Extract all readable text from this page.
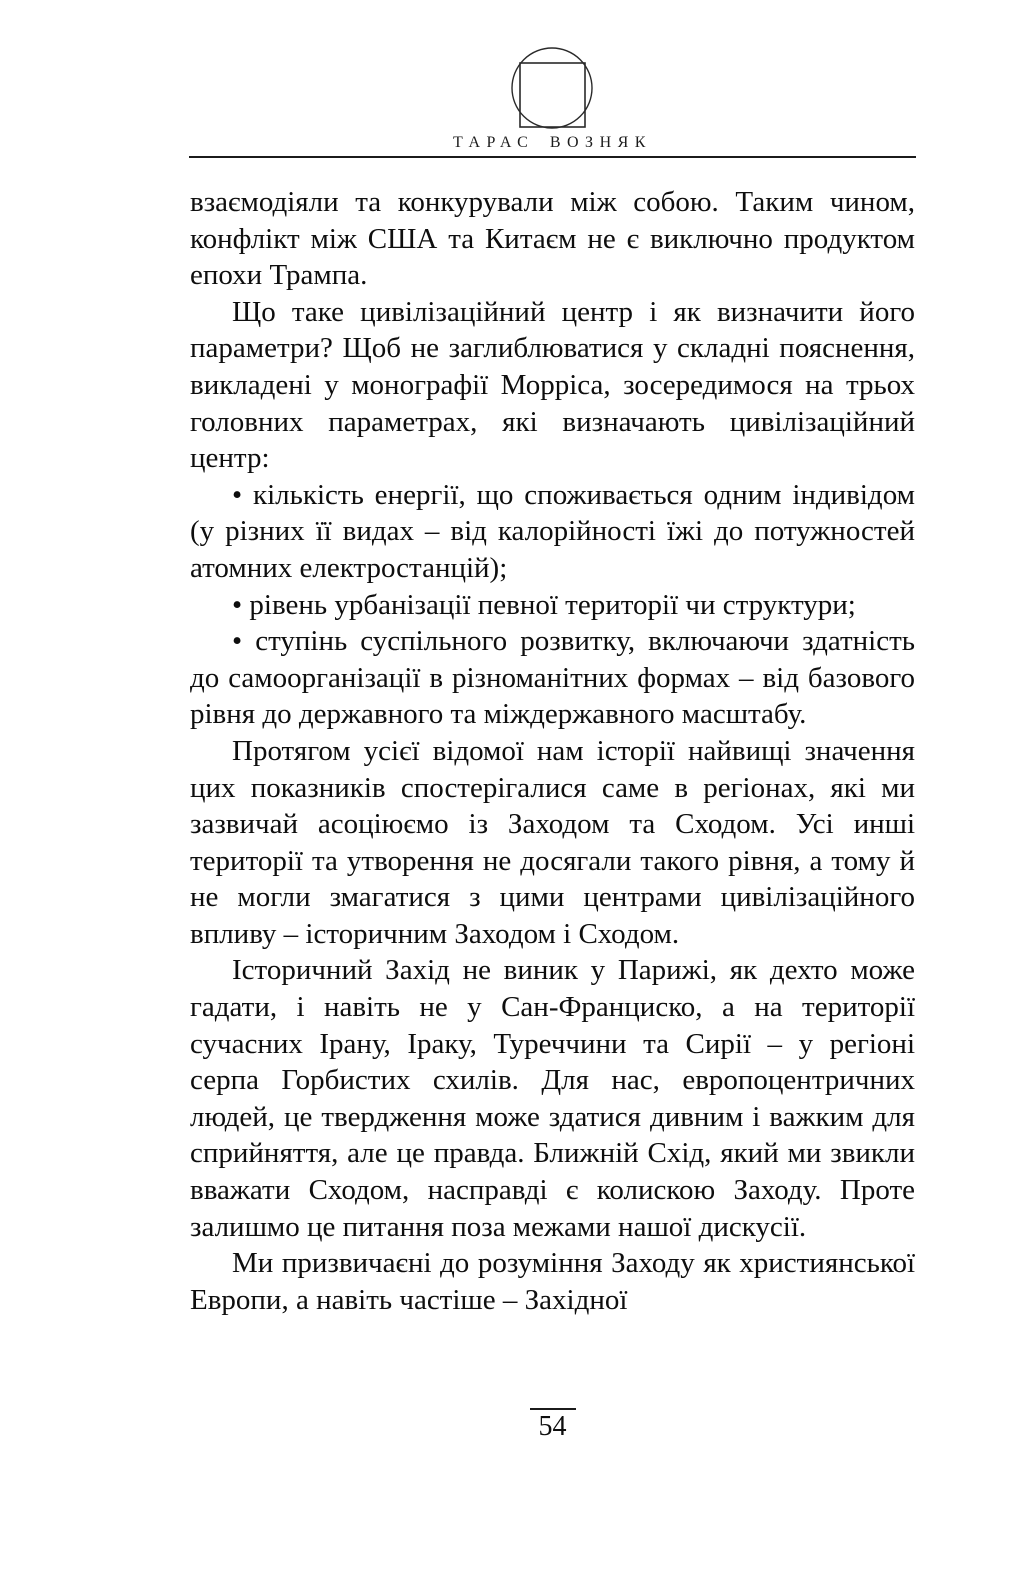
ТАРАС ВОЗНЯК

взаємодіяли та конкурували між собою. Таким чином, конфлікт між США та Китаєм не є виключно продуктом епохи Трампа.

Що таке цивілізаційний центр і як визначити його параметри? Щоб не заглиблюватися у складні пояснення, викладені у монографії Морріса, зосередимося на трьох головних параметрах, які визначають цивілізаційний центр:

• кількість енергії, що споживається одним індивідом (у різних її видах – від калорійності їжі до потужностей атомних електростанцій);

• рівень урбанізації певної території чи структури;

• ступінь суспільного розвитку, включаючи здатність до самоорганізації в різноманітних формах – від базового рівня до державного та міждержавного масштабу.

Протягом усієї відомої нам історії найвищі значення цих показників спостерігалися саме в регіонах, які ми зазвичай асоціюємо із Заходом та Сходом. Усі инші території та утворення не досягали такого рівня, а тому й не могли змагатися з цими центрами цивілізаційного впливу – історичним Заходом і Сходом.

Історичний Захід не виник у Парижі, як дехто може гадати, і навіть не у Сан-Франциско, а на території сучасних Ірану, Іраку, Туреччини та Сирії – у регіоні серпа Горбистих схилів. Для нас, европоцентричних людей, це твердження може здатися дивним і важким для сприйняття, але це правда. Ближній Схід, який ми звикли вважати Сходом, насправді є колискою Заходу. Проте залишмо це питання поза межами нашої дискусії.

Ми призвичаєні до розуміння Заходу як християнської Европи, а навіть частіше – Західної

54
